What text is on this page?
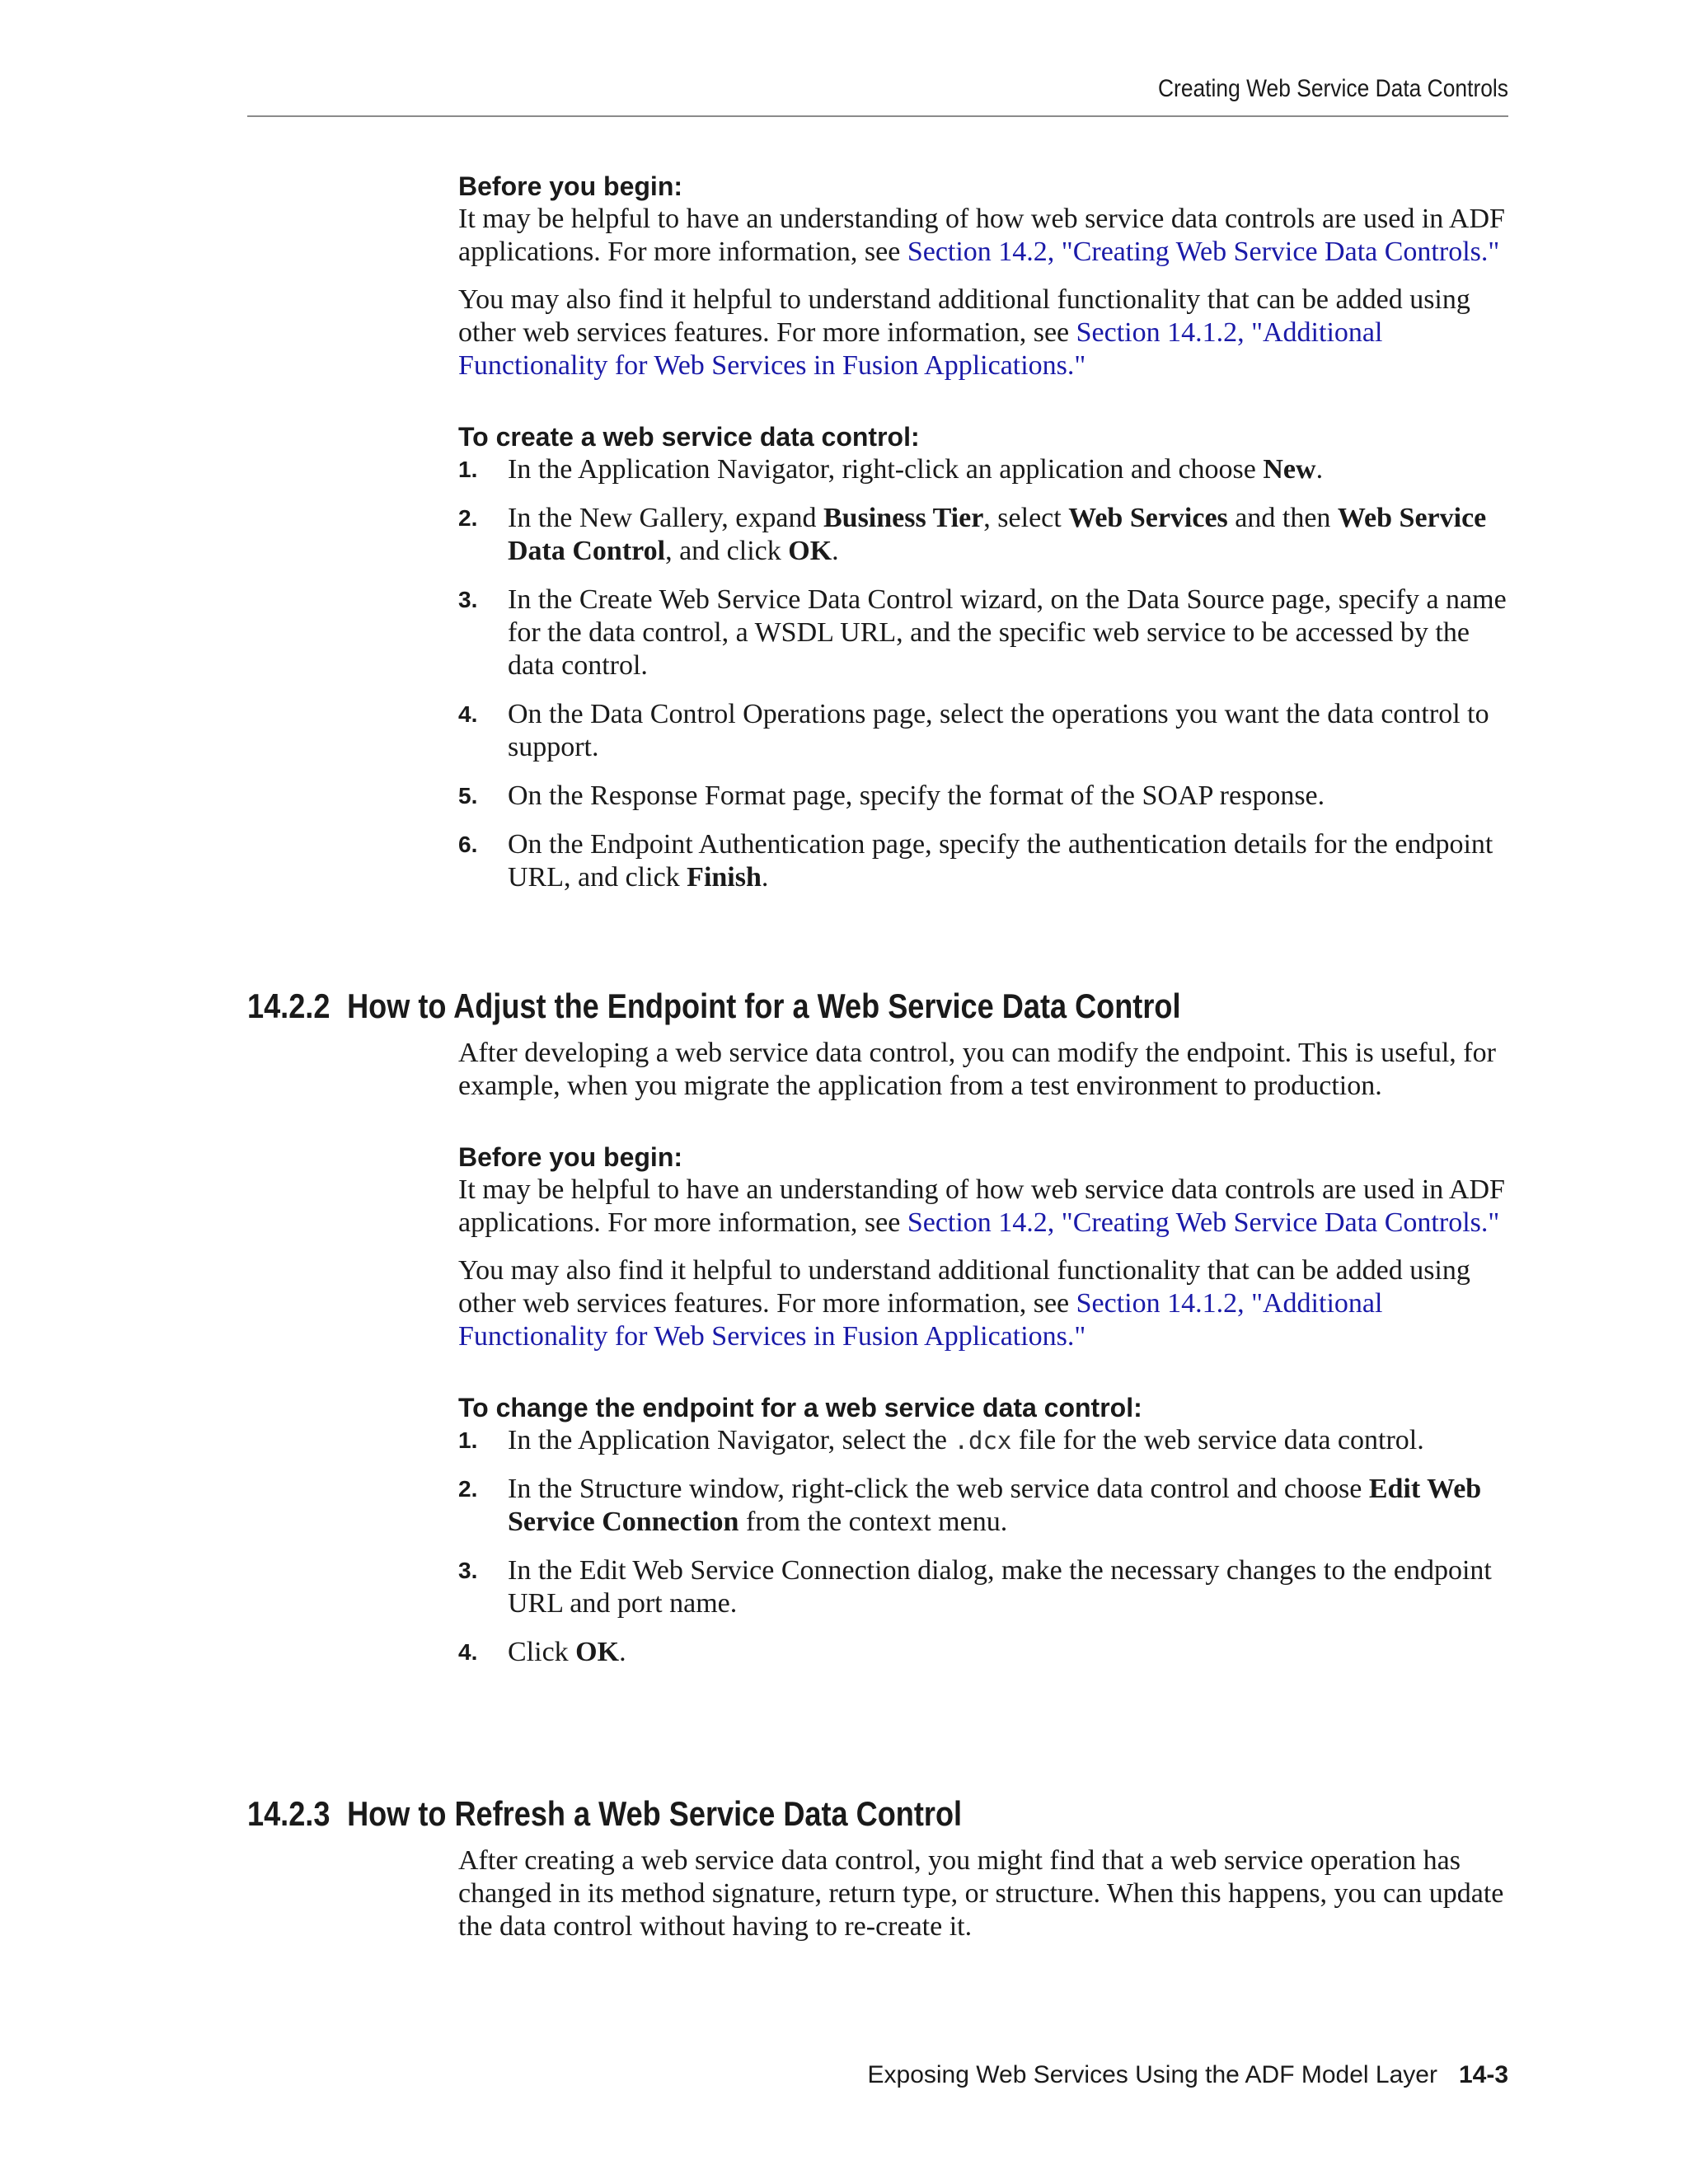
Creating Web Service Data Controls
Before you begin:

It may be helpful to have an understanding of how web service data controls are used in ADF applications. For more information, see Section 14.2, "Creating Web Service Data Controls."

You may also find it helpful to understand additional functionality that can be added using other web services features. For more information, see Section 14.1.2, "Additional Functionality for Web Services in Fusion Applications."

To create a web service data control:
1. In the Application Navigator, right-click an application and choose New.
2. In the New Gallery, expand Business Tier, select Web Services and then Web Service Data Control, and click OK.
3. In the Create Web Service Data Control wizard, on the Data Source page, specify a name for the data control, a WSDL URL, and the specific web service to be accessed by the data control.
4. On the Data Control Operations page, select the operations you want the data control to support.
5. On the Response Format page, specify the format of the SOAP response.
6. On the Endpoint Authentication page, specify the authentication details for the endpoint URL, and click Finish.
14.2.2 How to Adjust the Endpoint for a Web Service Data Control

After developing a web service data control, you can modify the endpoint. This is useful, for example, when you migrate the application from a test environment to production.

Before you begin:

It may be helpful to have an understanding of how web service data controls are used in ADF applications. For more information, see Section 14.2, "Creating Web Service Data Controls."

You may also find it helpful to understand additional functionality that can be added using other web services features. For more information, see Section 14.1.2, "Additional Functionality for Web Services in Fusion Applications."

To change the endpoint for a web service data control:
1. In the Application Navigator, select the .dcx file for the web service data control.
2. In the Structure window, right-click the web service data control and choose Edit Web Service Connection from the context menu.
3. In the Edit Web Service Connection dialog, make the necessary changes to the endpoint URL and port name.
4. Click OK.
14.2.3 How to Refresh a Web Service Data Control

After creating a web service data control, you might find that a web service operation has changed in its method signature, return type, or structure. When this happens, you can update the data control without having to re-create it.

Exposing Web Services Using the ADF Model Layer 14-3
